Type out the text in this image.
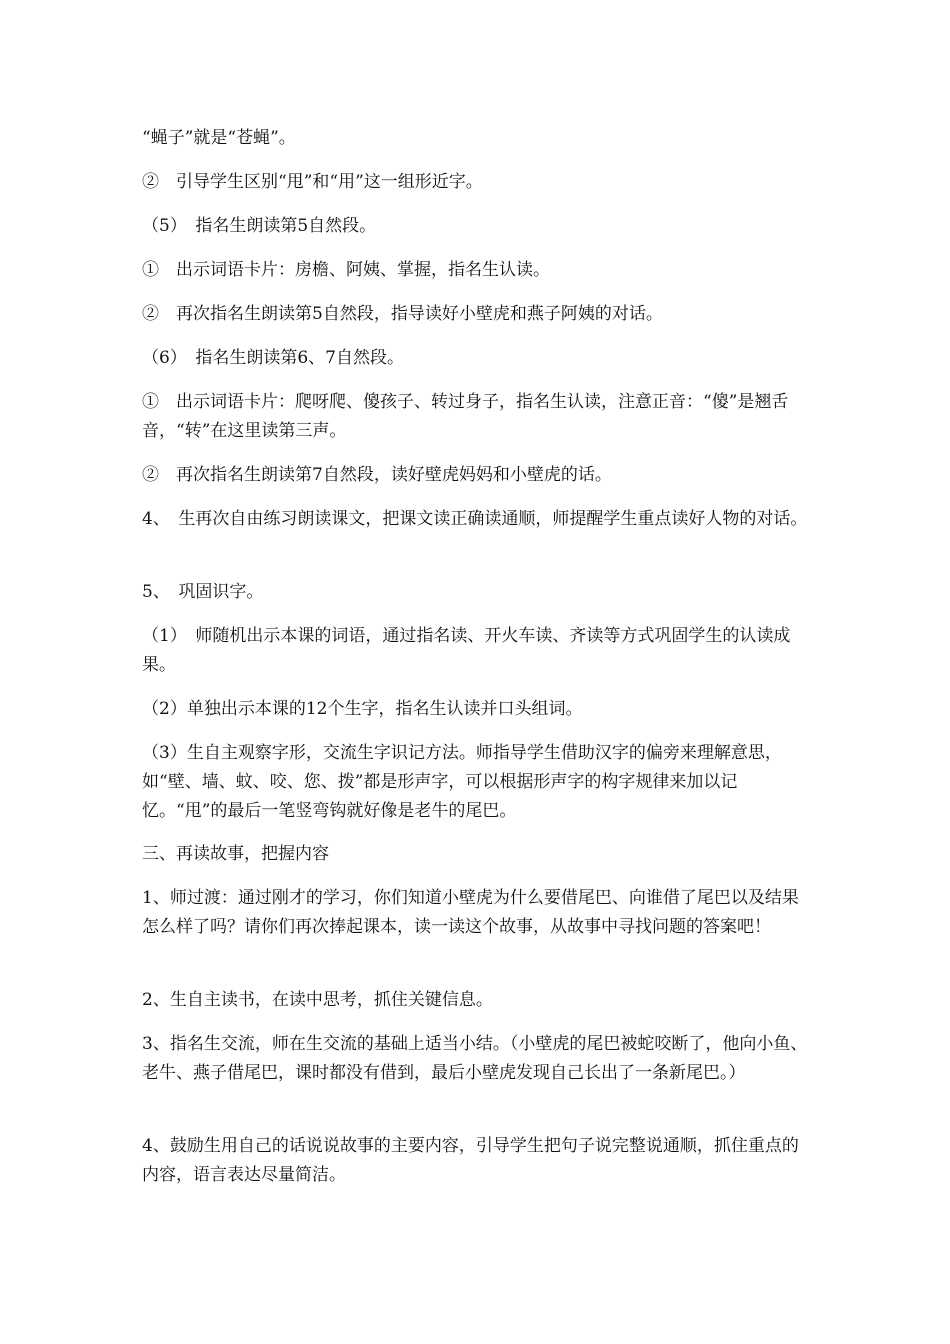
“蝇子”就是“苍蝇”。

②　引导学生区别“甩”和“用”这一组形近字。

（5）　指名生朗读第5自然段。

①　出示词语卡片：房檐、阿姨、掌握，指名生认读。

②　再次指名生朗读第5自然段，指导读好小壁虎和燕子阿姨的对话。

（6）　指名生朗读第6、7自然段。

①　出示词语卡片：爬呀爬、傻孩子、转过身子，指名生认读，注意正音：“傻”是翘舌音，“转”在这里读第三声。

②　再次指名生朗读第7自然段，读好壁虎妈妈和小壁虎的话。

4、　生再次自由练习朗读课文，把课文读正确读通顺，师提醒学生重点读好人物的对话。

5、　巩固识字。

（1）　师随机出示本课的词语，通过指名读、开火车读、齐读等方式巩固学生的认读成果。

（2）单独出示本课的12个生字，指名生认读并口头组词。

（3）生自主观察字形，交流生字识记方法。师指导学生借助汉字的偏旁来理解意思，如“壁、墙、蚊、咬、您、拨”都是形声字，可以根据形声字的构字规律来加以记忆。“甩”的最后一笔竖弯钩就好像是老牛的尾巴。

三、再读故事，把握内容

1、师过渡：通过刚才的学习，你们知道小壁虎为什么要借尾巴、向谁借了尾巴以及结果怎么样了吗？请你们再次捧起课本，读一读这个故事，从故事中寻找问题的答案吧！

2、生自主读书，在读中思考，抓住关键信息。

3、指名生交流，师在生交流的基础上适当小结。（小壁虎的尾巴被蛇咬断了，他向小鱼、老牛、燕子借尾巴，课时都没有借到，最后小壁虎发现自己长出了一条新尾巴。）

4、鼓励生用自己的话说说故事的主要内容，引导学生把句子说完整说通顺，抓住重点的内容，语言表达尽量简洁。
